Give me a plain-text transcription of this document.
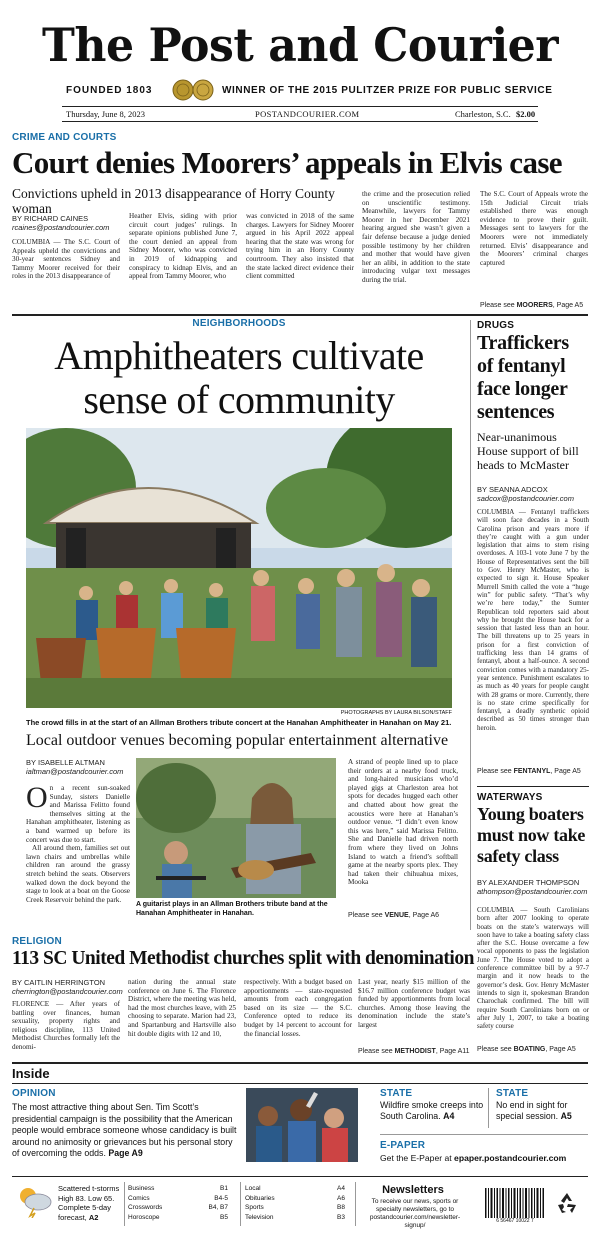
The Post and Courier
FOUNDED 1803	WINNER OF THE 2015 PULITZER PRIZE FOR PUBLIC SERVICE
Thursday, June 8, 2023	POSTANDCOURIER.COM	Charleston, S.C. $2.00
CRIME AND COURTS
Court denies Moorers’ appeals in Elvis case
Convictions upheld in 2013 disappearance of Horry County woman
BY RICHARD CAINES
rcaines@postandcourier.com
COLUMBIA — The S.C. Court of Appeals upheld the convictions and 30-year sentences Sidney and Tammy Moorer received for their roles in the 2013 disappearance of
Heather Elvis, siding with prior circuit court judges’ rulings. In separate opinions published June 7, the court denied an appeal from Sidney Moorer, who was convicted in 2019 of kidnapping and conspiracy to kidnap Elvis, and an appeal from Tammy Moorer, who
was convicted in 2018 of the same charges. Lawyers for Sidney Moorer argued in his April 2022 appeal hearing that the state was wrong for trying him in an Horry County courtroom. They also insisted that the state lacked direct evidence their client committed
the crime and the prosecution relied on unscientific testimony. Meanwhile, lawyers for Tammy Moorer in her December 2021 hearing argued she wasn’t given a fair defense because a judge denied possible testimony by her children and mother that would have given her an alibi, in addition to the state introducing vulgar text messages during the trial.
The S.C. Court of Appeals wrote the 15th Judicial Circuit trials established there was enough evidence to prove their guilt. Messages sent to lawyers for the Moorers were not immediately returned. Elvis’ disappearance and the Moorers’ criminal charges captured
Please see MOORERS, Page A5
NEIGHBORHOODS
Amphitheaters cultivate
sense of community
PHOTOGRAPHS BY LAURA BILSON/STAFF
The crowd fills in at the start of an Allman Brothers tribute concert at the Hanahan Amphitheater in Hanahan on May 21.
Local outdoor venues becoming popular entertainment alternative
BY ISABELLE ALTMAN
ialtman@postandcourier.com
O n a recent sun-soaked Sunday, sisters Danielle and Marissa Felitto found themselves sitting at the Hanahan amphitheater, listening as a band warmed up before its concert was due to start.
All around them, families set out lawn chairs and umbrellas while children ran around the grassy stretch behind the seats. Observers walked down the dock beyond the stage to look at a boat on the Goose Creek Reservoir behind the park.
A guitarist plays in an Allman Brothers tribute band at the Hanahan Amphitheater in Hanahan.
A strand of people lined up to place their orders at a nearby food truck, and long-haired musicians who’d played gigs at Charleston area hot spots for decades hugged each other and chatted about how great the acoustics were here at Hanahan’s outdoor venue. “I didn’t even know this was here,” said Marissa Felitto. She and Danielle had driven north from where they lived on Johns Island to watch a friend’s softball game at the nearby sports plex. They had taken their chihuahua mixes, Mooka
Please see VENUE, Page A6
DRUGS
Traffickers of fentanyl face longer sentences
Near-unanimous House support of bill heads to McMaster
BY SEANNA ADCOX
sadcox@postandcourier.com
COLUMBIA — Fentanyl traffickers will soon face decades in a South Carolina prison and years more if they’re caught with a gun under legislation that aims to stem rising overdoses. A 103-1 vote June 7 by the House of Representatives sent the bill to Gov. Henry McMaster, who is expected to sign it. House Speaker Murrell Smith called the vote a “huge win” for public safety. “That’s why we’re here today,” the Sumter Republican told reporters said about why he brought the House back for a session that lasted less than an hour. The bill threatens up to 25 years in prison for a first conviction of trafficking less than 14 grams of fentanyl, about a half-ounce. A second conviction comes with a mandatory 25-year sentence. Punishment escalates to as much as 40 years for people caught with 28 grams or more. Currently, there is no state crime specifically for fentanyl, a deadly synthetic opioid described as 50 times stronger than heroin.
Please see FENTANYL, Page A5
WATERWAYS
Young boaters must now take safety class
BY ALEXANDER THOMPSON
athompson@postandcourier.com
RELIGION
113 SC United Methodist churches split with denomination
BY CAITLIN HERRINGTON
cherrington@postandcourier.com
FLORENCE — After years of battling over finances, human sexuality, property rights and religious discipline, 113 United Methodist Churches formally left the denomi-
nation during the annual state conference on June 6. The Florence District, where the meeting was held, had the most churches leave, with 25 choosing to separate. Marion had 23, and Spartanburg and Hartsville also hit double digits with 12 and 10,
respectively. With a budget based on apportionments — state-requested amounts from each congregation based on its size — the S.C. Conference opted to reduce its budget by 14 percent to account for the financial losses.
Last year, nearly $15 million of the $16.7 million conference budget was funded by apportionments from local churches. Among those leaving the denomination include the state’s largest
Please see METHODIST, Page A11
COLUMBIA — South Carolinians born after 2007 looking to operate boats on the state’s waterways will soon have to take a boating safety class after the S.C. House overcame a few vocal opponents to pass the legislation June 7. The House voted to adopt a conference committee bill by a 97-7 margin and it now heads to the governor’s desk. Gov. Henry McMaster intends to sign it, spokesman Brandon Charochak confirmed. The bill will require South Carolinians born on or after July 1, 2007, to take a boating safety course
Please see BOATING, Page A5
Inside
OPINION
The most attractive thing about Sen. Tim Scott’s presidential campaign is the possibility that the American people would embrace someone whose candidacy is built around no animosity or grievances but his personal story of overcoming the odds. Page A9
STATE
Wildfire smoke creeps into South Carolina. A4
STATE
No end in sight for special session. A5
E-PAPER
Get the E-Paper at epaper.postandcourier.com
Scattered t-storms
High 83. Low 65.
Complete 5-day
forecast, A2
Business	B1
Comics	B4-5
Crosswords	B4, B7
Horoscope	B5
Local	A4
Obituaries	A6
Sports	B8
Television	B3
Newsletters
To receive our news, sports or specialty newsletters, go to postandcourier.com/newsletter-signup/
6 56467 10022 7
